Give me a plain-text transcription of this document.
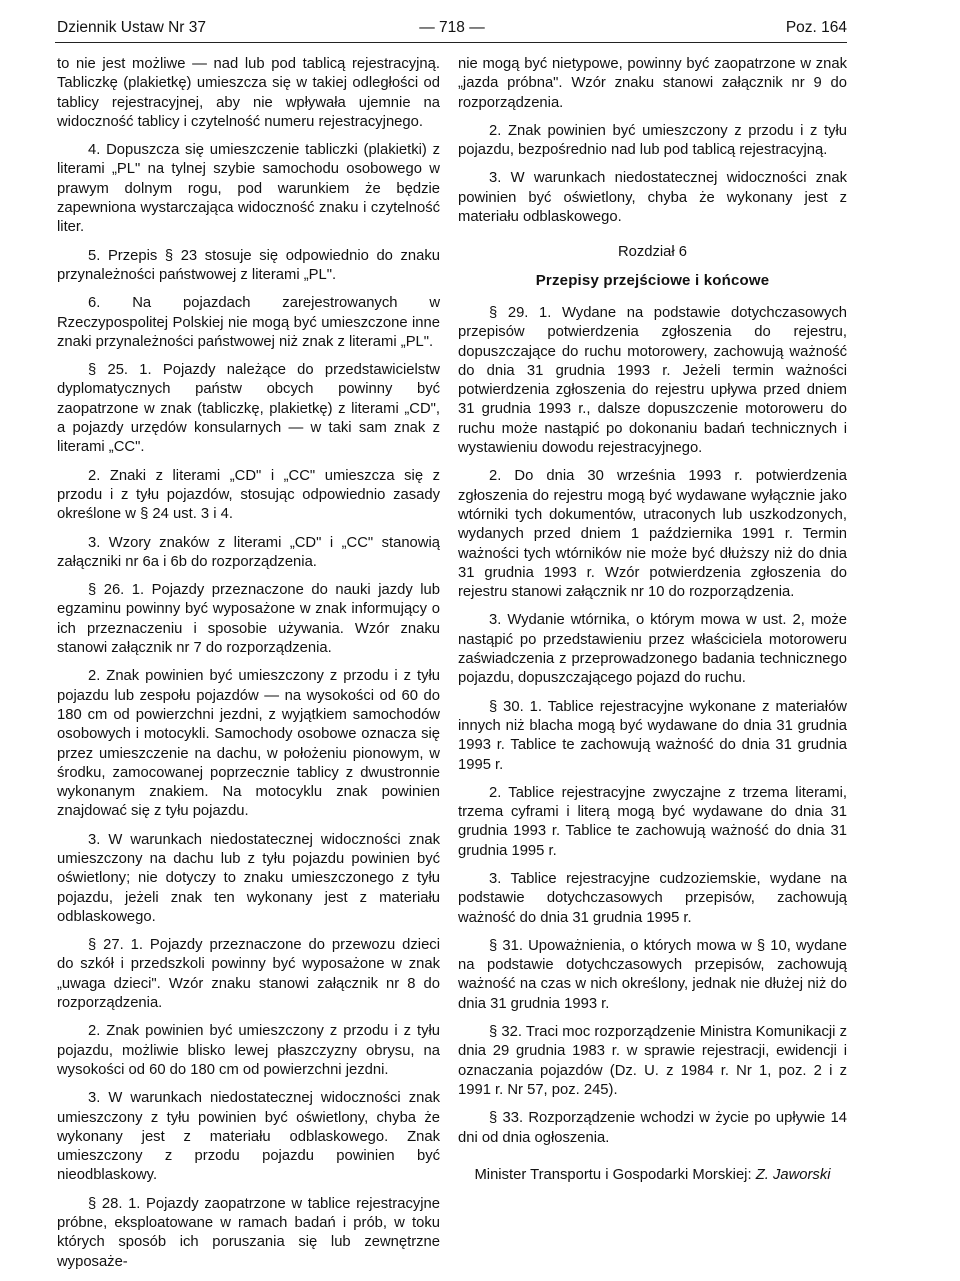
Dziennik Ustaw Nr 37	— 718 —	Poz. 164

to nie jest możliwe — nad lub pod tablicą rejestracyjną. Tabliczkę (plakietkę) umieszcza się w takiej odległości od tablicy rejestracyjnej, aby nie wpływała ujemnie na widoczność tablicy i czytelność numeru rejestracyjnego.

4. Dopuszcza się umieszczenie tabliczki (plakietki) z literami „PL" na tylnej szybie samochodu osobowego w prawym dolnym rogu, pod warunkiem że będzie zapewniona wystarczająca widoczność znaku i czytelność liter.

5. Przepis § 23 stosuje się odpowiednio do znaku przynależności państwowej z literami „PL".

6. Na pojazdach zarejestrowanych w Rzeczypospolitej Polskiej nie mogą być umieszczone inne znaki przynależności państwowej niż znak z literami „PL".

§ 25. 1. Pojazdy należące do przedstawicielstw dyplomatycznych państw obcych powinny być zaopatrzone w znak (tabliczkę, plakietkę) z literami „CD", a pojazdy urzędów konsularnych — w taki sam znak z literami „CC".

2. Znaki z literami „CD" i „CC" umieszcza się z przodu i z tyłu pojazdów, stosując odpowiednio zasady określone w § 24 ust. 3 i 4.

3. Wzory znaków z literami „CD" i „CC" stanowią załączniki nr 6a i 6b do rozporządzenia.

§ 26. 1. Pojazdy przeznaczone do nauki jazdy lub egzaminu powinny być wyposażone w znak informujący o ich przeznaczeniu i sposobie używania. Wzór znaku stanowi załącznik nr 7 do rozporządzenia.

2. Znak powinien być umieszczony z przodu i z tyłu pojazdu lub zespołu pojazdów — na wysokości od 60 do 180 cm od powierzchni jezdni, z wyjątkiem samochodów osobowych i motocykli. Samochody osobowe oznacza się przez umieszczenie na dachu, w położeniu pionowym, w środku, zamocowanej poprzecznie tablicy z dwustronnie wykonanym znakiem. Na motocyklu znak powinien znajdować się z tyłu pojazdu.

3. W warunkach niedostatecznej widoczności znak umieszczony na dachu lub z tyłu pojazdu powinien być oświetlony; nie dotyczy to znaku umieszczonego z tyłu pojazdu, jeżeli znak ten wykonany jest z materiału odblaskowego.

§ 27. 1. Pojazdy przeznaczone do przewozu dzieci do szkół i przedszkoli powinny być wyposażone w znak „uwaga dzieci". Wzór znaku stanowi załącznik nr 8 do rozporządzenia.

2. Znak powinien być umieszczony z przodu i z tyłu pojazdu, możliwie blisko lewej płaszczyzny obrysu, na wysokości od 60 do 180 cm od powierzchni jezdni.

3. W warunkach niedostatecznej widoczności znak umieszczony z tyłu powinien być oświetlony, chyba że wykonany jest z materiału odblaskowego. Znak umieszczony z przodu pojazdu powinien być nieodblaskowy.

§ 28. 1. Pojazdy zaopatrzone w tablice rejestracyjne próbne, eksploatowane w ramach badań i prób, w toku których sposób ich poruszania się lub zewnętrzne wyposaże-

nie mogą być nietypowe, powinny być zaopatrzone w znak „jazda próbna". Wzór znaku stanowi załącznik nr 9 do rozporządzenia.

2. Znak powinien być umieszczony z przodu i z tyłu pojazdu, bezpośrednio nad lub pod tablicą rejestracyjną.

3. W warunkach niedostatecznej widoczności znak powinien być oświetlony, chyba że wykonany jest z materiału odblaskowego.

Rozdział 6

Przepisy przejściowe i końcowe

§ 29. 1. Wydane na podstawie dotychczasowych przepisów potwierdzenia zgłoszenia do rejestru, dopuszczające do ruchu motorowery, zachowują ważność do dnia 31 grudnia 1993 r. Jeżeli termin ważności potwierdzenia zgłoszenia do rejestru upływa przed dniem 31 grudnia 1993 r., dalsze dopuszczenie motoroweru do ruchu może nastąpić po dokonaniu badań technicznych i wystawieniu dowodu rejestracyjnego.

2. Do dnia 30 września 1993 r. potwierdzenia zgłoszenia do rejestru mogą być wydawane wyłącznie jako wtórniki tych dokumentów, utraconych lub uszkodzonych, wydanych przed dniem 1 października 1991 r. Termin ważności tych wtórników nie może być dłuższy niż do dnia 31 grudnia 1993 r. Wzór potwierdzenia zgłoszenia do rejestru stanowi załącznik nr 10 do rozporządzenia.

3. Wydanie wtórnika, o którym mowa w ust. 2, może nastąpić po przedstawieniu przez właściciela motoroweru zaświadczenia z przeprowadzonego badania technicznego pojazdu, dopuszczającego pojazd do ruchu.

§ 30. 1. Tablice rejestracyjne wykonane z materiałów innych niż blacha mogą być wydawane do dnia 31 grudnia 1993 r. Tablice te zachowują ważność do dnia 31 grudnia 1995 r.

2. Tablice rejestracyjne zwyczajne z trzema literami, trzema cyframi i literą mogą być wydawane do dnia 31 grudnia 1993 r. Tablice te zachowują ważność do dnia 31 grudnia 1995 r.

3. Tablice rejestracyjne cudzoziemskie, wydane na podstawie dotychczasowych przepisów, zachowują ważność do dnia 31 grudnia 1995 r.

§ 31. Upoważnienia, o których mowa w § 10, wydane na podstawie dotychczasowych przepisów, zachowują ważność na czas w nich określony, jednak nie dłużej niż do dnia 31 grudnia 1993 r.

§ 32. Traci moc rozporządzenie Ministra Komunikacji z dnia 29 grudnia 1983 r. w sprawie rejestracji, ewidencji i oznaczania pojazdów (Dz. U. z 1984 r. Nr 1, poz. 2 i z 1991 r. Nr 57, poz. 245).

§ 33. Rozporządzenie wchodzi w życie po upływie 14 dni od dnia ogłoszenia.

Minister Transportu i Gospodarki Morskiej: Z. Jaworski
